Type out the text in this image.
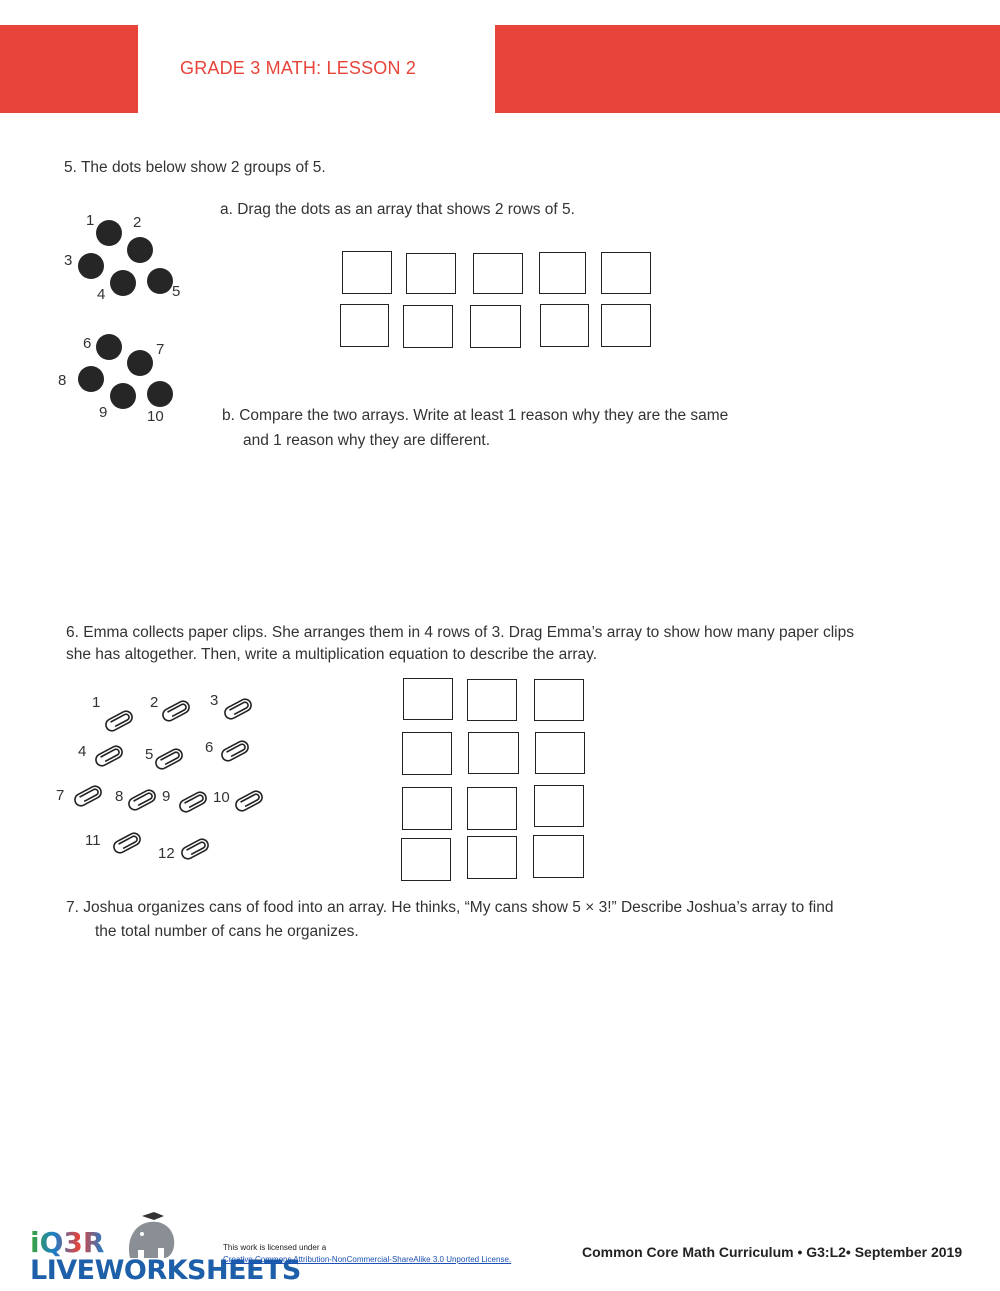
GRADE 3 MATH: LESSON 2
5. The dots below show 2 groups of 5.
a. Drag the dots as an array that shows 2 rows of 5.
1	2
3
4	5
6	7
8
9	10	b. Compare the two arrays. Write at least 1 reason why they are the same
and 1 reason why they are different.
6. Emma collects paper clips. She arranges them in 4 rows of 3. Drag Emma’s array to show how many paper clips
she has altogether. Then, write a multiplication equation to describe the array.
1	2	3
4	5	6
7	8	9	10
11
12
7. Joshua organizes cans of food into an array. He thinks, “My cans show 5 × 3!” Describe Joshua’s array to find
the total number of cans he organizes.
iQ3R
LIVEWORKSHEETS
This work is licensed under a
Creative Commons Attribution-NonCommercial-ShareAlike 3.0 Unported License.	Common Core Math Curriculum • G3:L2• September 2019
